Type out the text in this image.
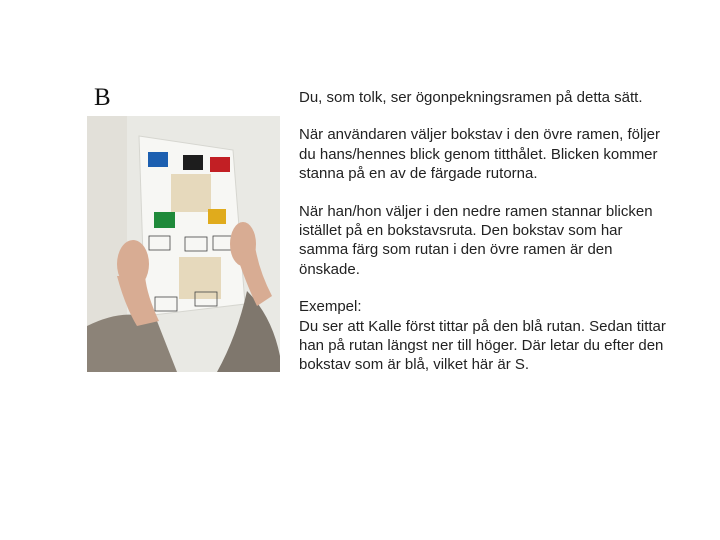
B	Du, som tolk, ser ögonpekningsramen på detta sätt.

När användaren väljer bokstav i den övre ramen, följer du hans/hennes blick genom titthålet. Blicken kommer stanna på en av de färgade rutorna.

När han/hon väljer i den nedre ramen stannar blicken istället på en bokstavsruta. Den bokstav som har samma färg som rutan i den övre ramen är den önskade.

Exempel:
Du ser att Kalle först tittar på den blå rutan. Sedan tittar han på rutan längst ner till höger. Där letar du efter den bokstav som är blå, vilket här är S.
